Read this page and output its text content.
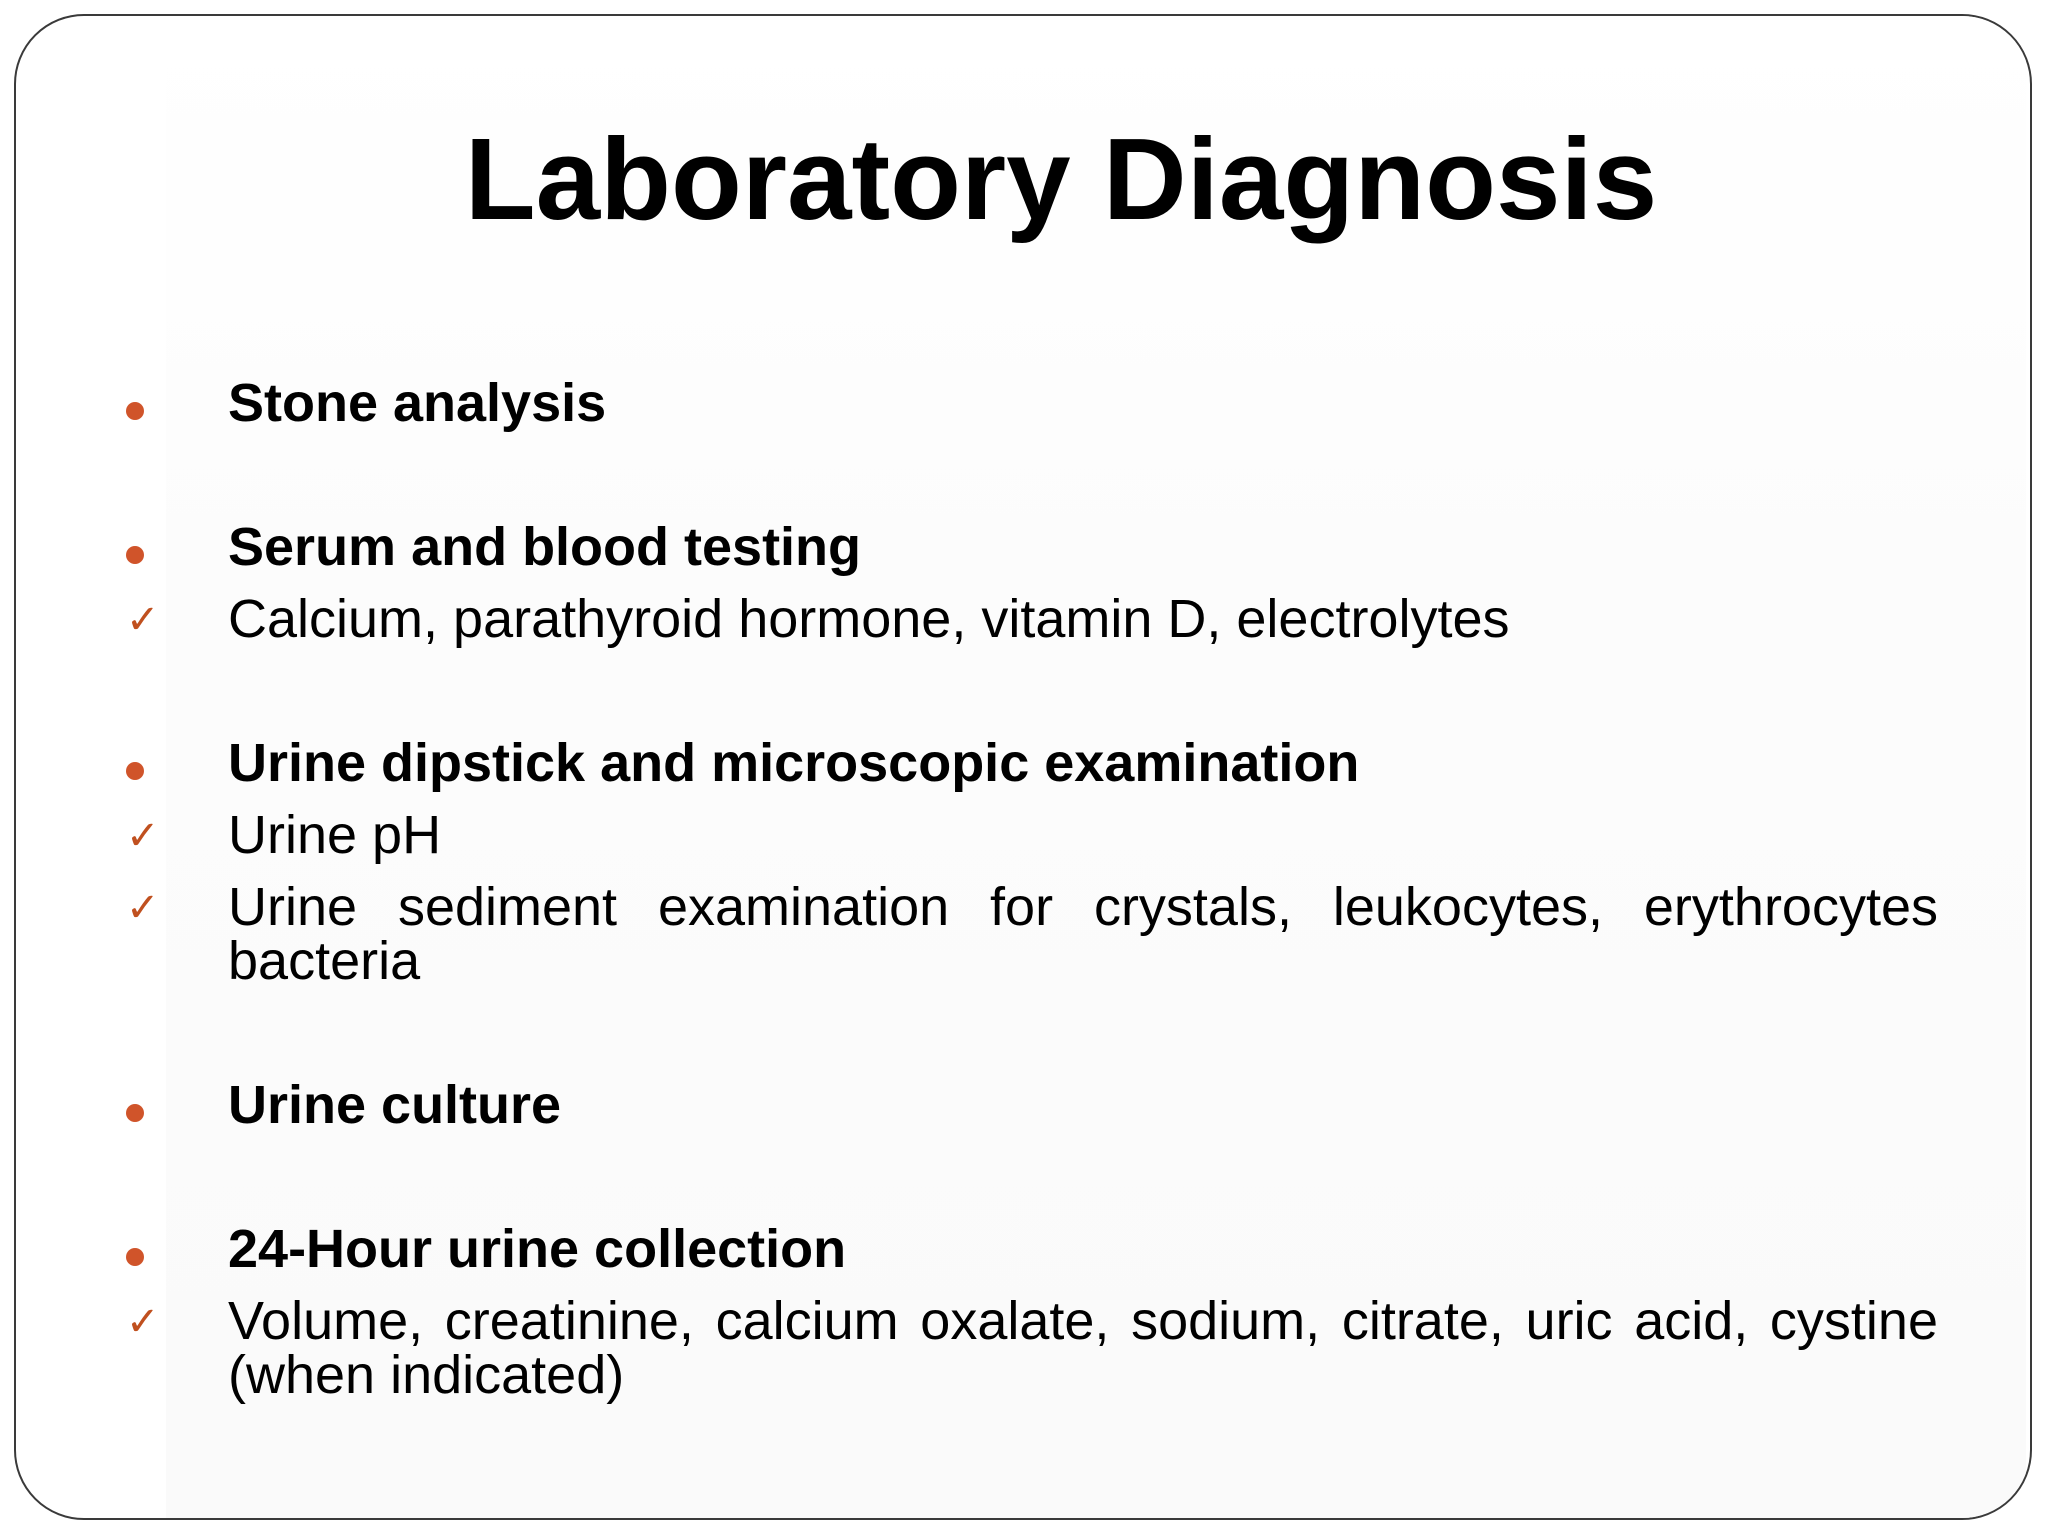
Laboratory Diagnosis
Stone analysis
Serum and blood testing
✓ Calcium, parathyroid hormone, vitamin D, electrolytes
Urine dipstick and microscopic examination
✓ Urine pH
✓ Urine sediment examination for crystals, leukocytes, erythrocytes bacteria
Urine culture
24-Hour urine collection
✓ Volume, creatinine, calcium oxalate, sodium, citrate, uric acid, cystine (when indicated)
